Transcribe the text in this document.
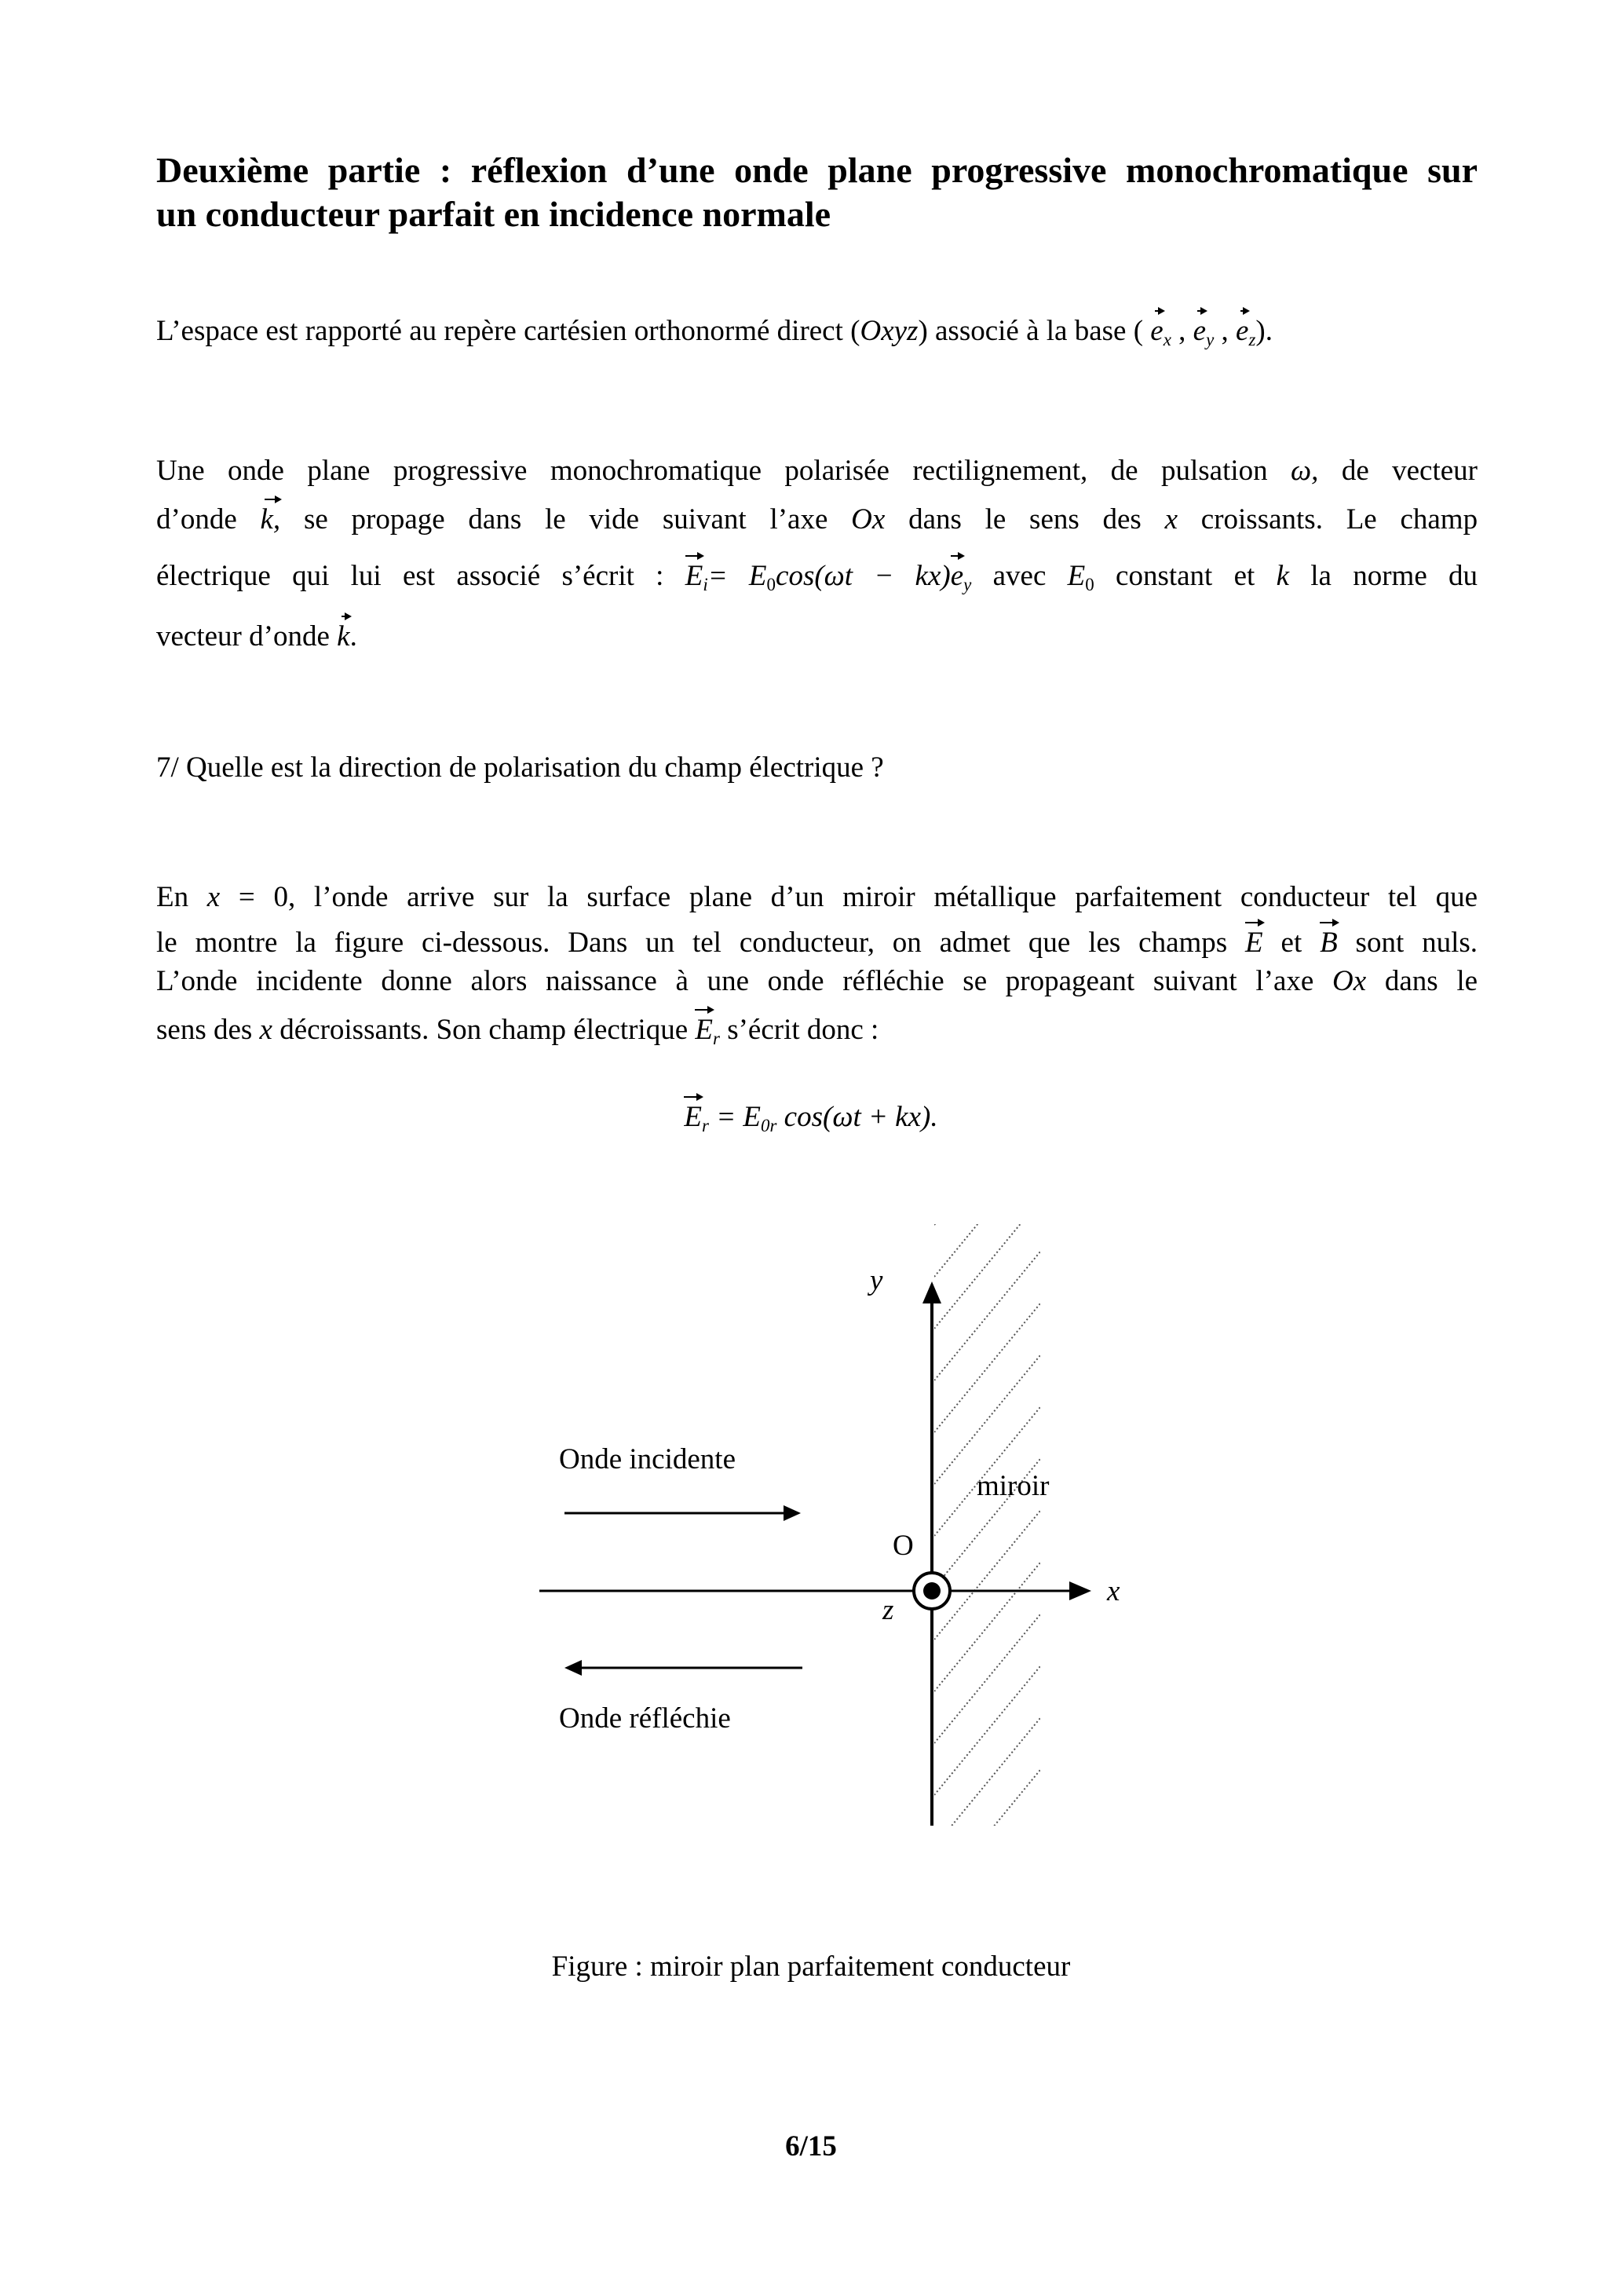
Deuxième partie : réflexion d’une onde plane progressive monochromatique sur
un conducteur parfait en incidence normale
L’espace est rapporté au repère cartésien orthonormé direct (Oxyz) associé à la base ( $e_x$ , $e_y$ , $e_z$).
Une onde plane progressive monochromatique polarisée rectilignement, de pulsation ω, de vecteur
d’onde k, se propage dans le vide suivant l’axe Ox dans le sens des x croissants. Le champ
électrique qui lui est associé s’écrit : $E_i= E_0\cos(\omega t - kx)e_y$ avec $E_0$ constant et k la norme du
vecteur d’onde k.
7/ Quelle est la direction de polarisation du champ électrique ?
En x = 0, l’onde arrive sur la surface plane d’un miroir métallique parfaitement conducteur tel que
le montre la figure ci-dessous. Dans un tel conducteur, on admet que les champs E et B sont nuls.
L’onde incidente donne alors naissance à une onde réfléchie se propageant suivant l’axe Ox dans le
sens des x décroissants. Son champ électrique $E_r$ s’écrit donc :
$E_r = E_{0r}$ cos(ωt + kx).
y
x
z
O
miroir
Onde incidente
Onde réfléchie
Figure : miroir plan parfaitement conducteur
6/15
